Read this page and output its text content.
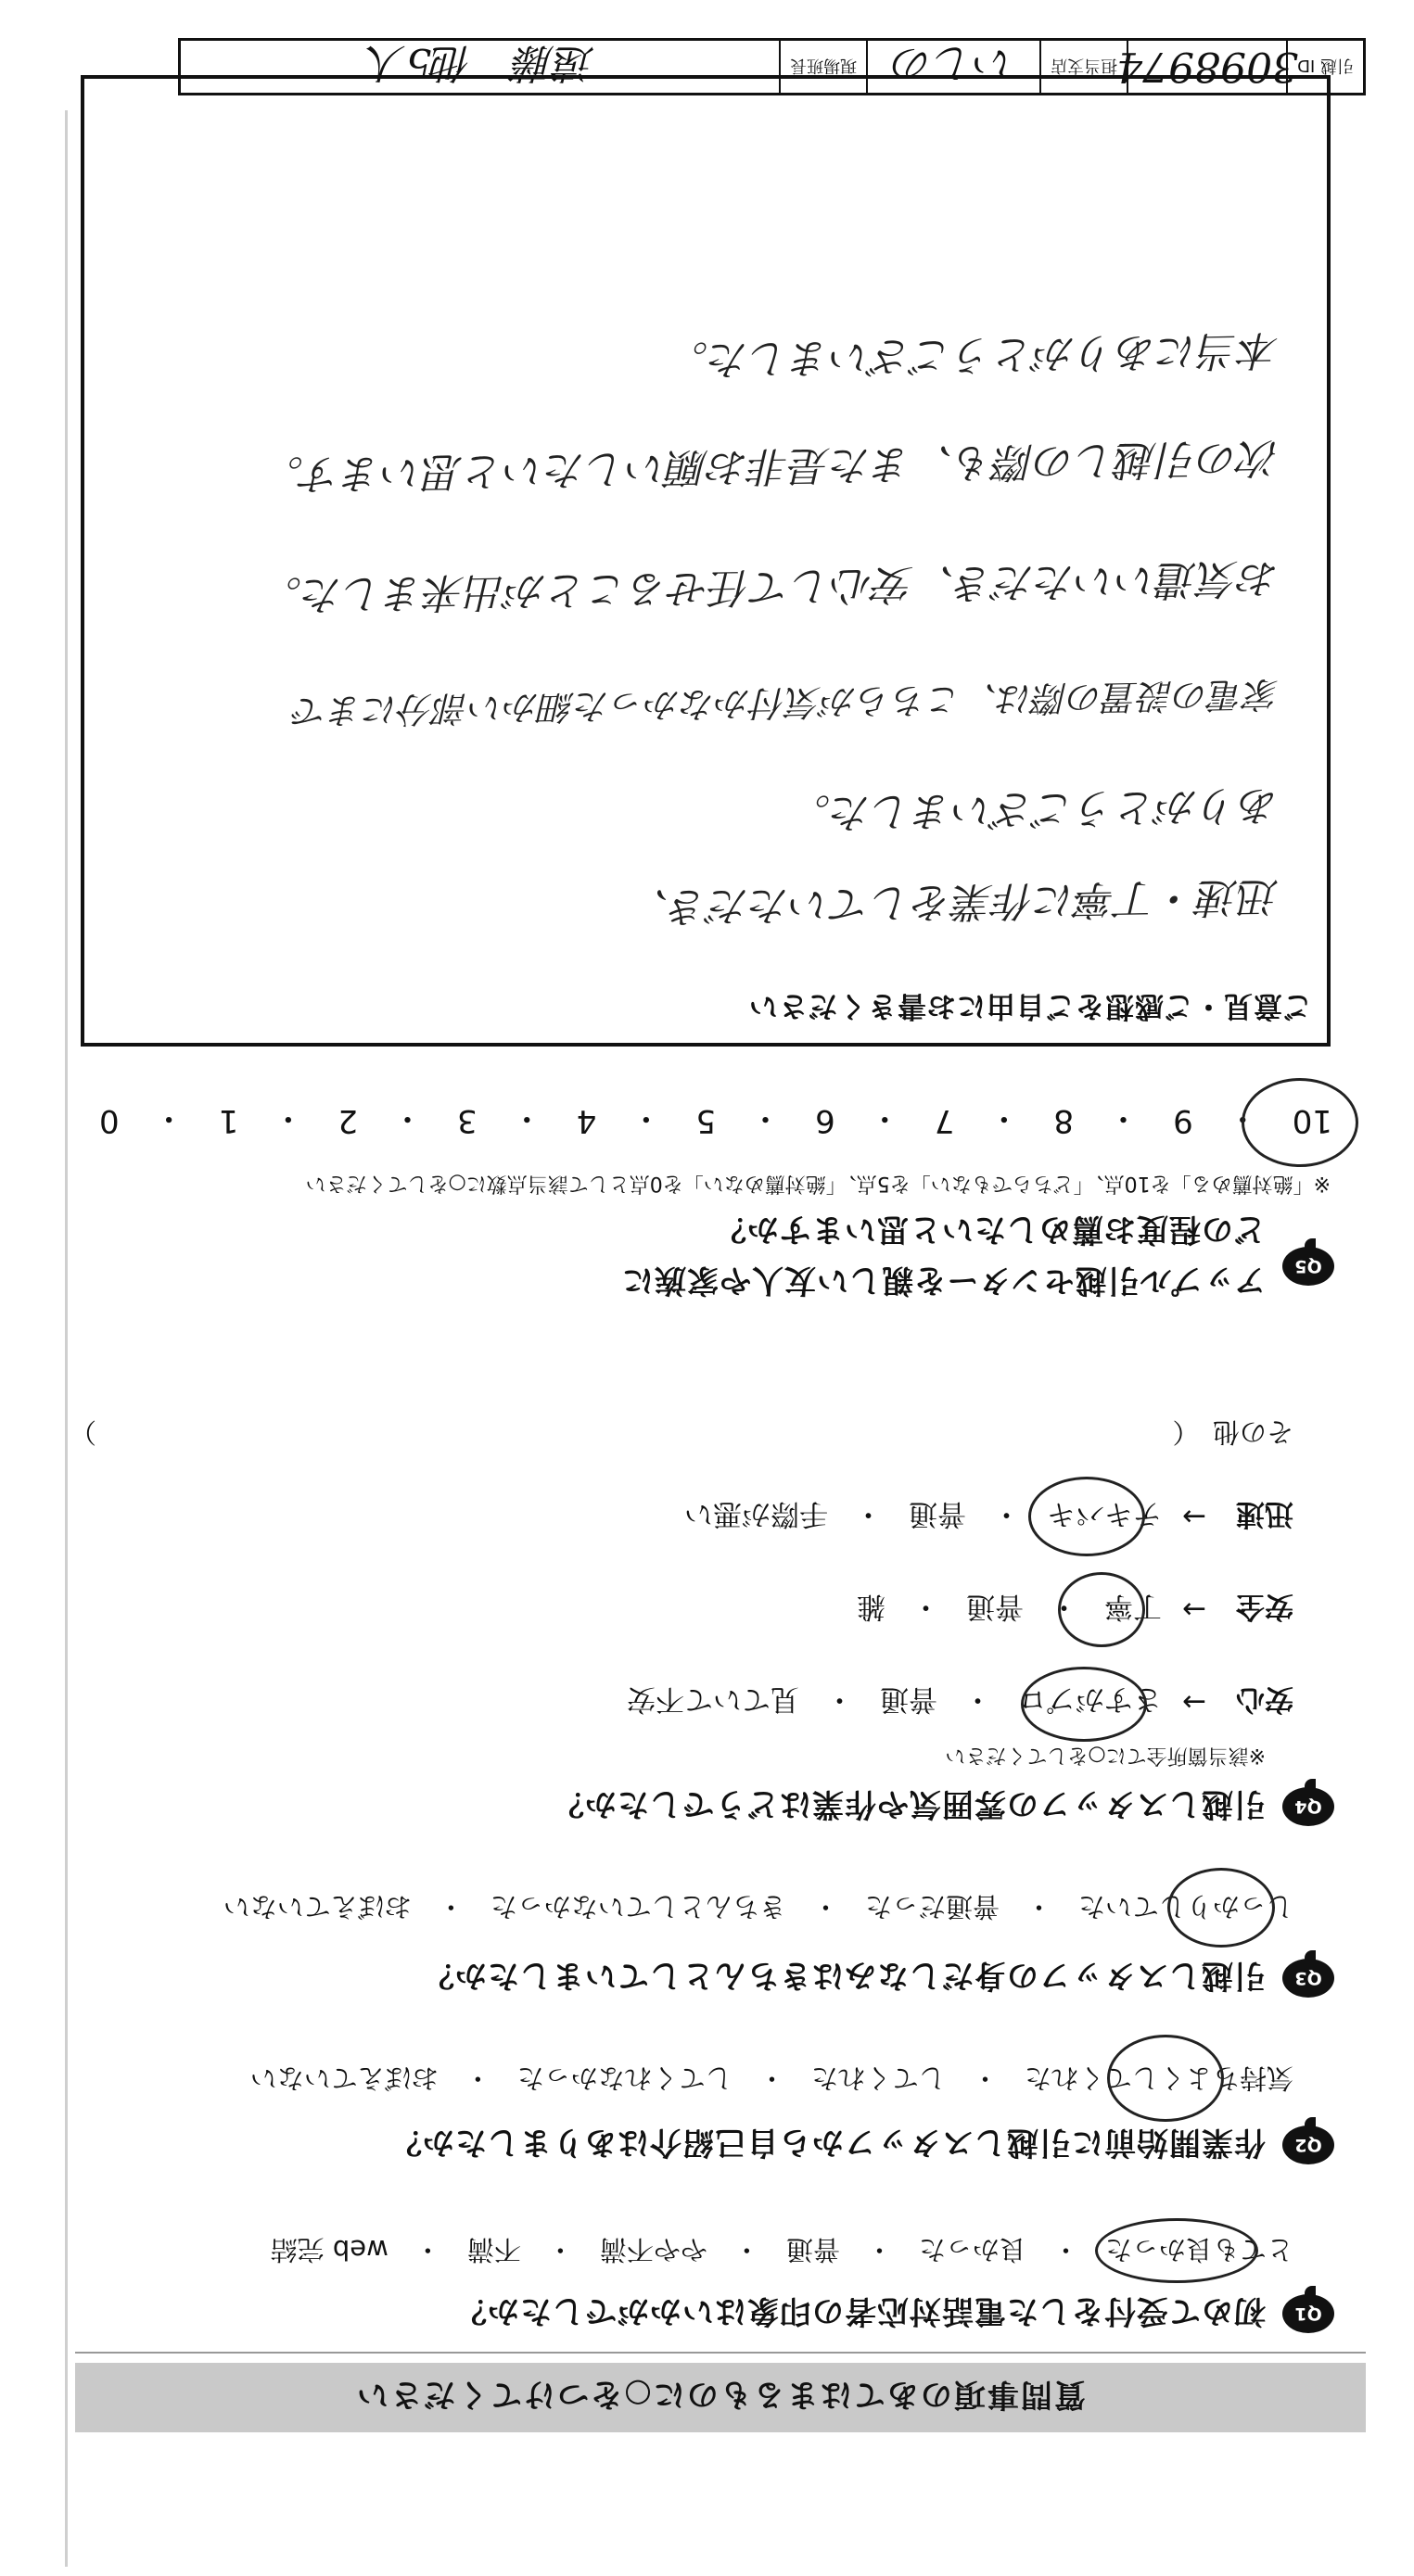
質問事項のあてはまるものに○をつけてください
Q1
初めて受付をした電話対応者の印象はいかがでしたか？
とても良かった
・
良かった
・
普通
・
やや不満
・
不満
・
web 完結
Q2
作業開始前に引越しスタッフから自己紹介はありましたか？
気持ちよくしてくれた
・
してくれた
・
してくれなかった
・
おぼえていない
Q3
引越しスタッフの身だしなみはきちんとしていましたか？
しっかりしていた
・
普通だった
・
きちんとしていなかった
・
おぼえていない
Q4
引越しスタッフの雰囲気や作業はどうでしたか？
※該当箇所全てに○をしてください
安心
→
さすがプロ
・
普通
・
見ていて不安
安全
→
丁寧
・
普通
・
雑
迅速
→
テキパキ
・
普通
・
手際が悪い
その他　（
）
Q5
アップル引越センターを親しい友人や家族に
どの程度お薦めしたいと思いますか？
※「絶対薦める」を10点、「どちらでもない」を5点、「絶対薦めない」を0点として該当点数に○をしてください
10
・
9
・
8
・
7
・
6
・
5
・
4
・
3
・
2
・
1
・
0
ご意見・ご感想をご自由にお書きください
迅速・丁寧に作業をしていただき、
ありがとうございました。
家電の設置の際は、こちらが気付かなかった細かい部分にまで
お気遣いいただき、安心して任せることが出来ました。
次の引越しの際も、また是非お願いしたいと思います。
本当にありがとうございました。
引越 ID
3098974
担当支店
いしの
現場班長
遠藤　他5人
